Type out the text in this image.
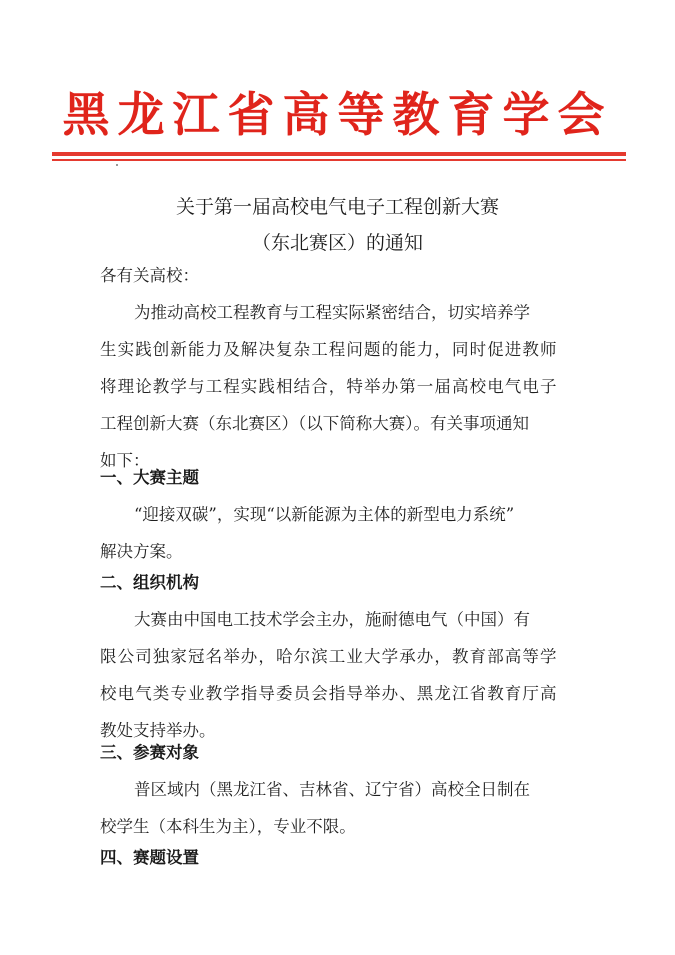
黑龙江省高等教育学会
关于第一届高校电气电子工程创新大赛
（东北赛区）的通知
各有关高校：
为推动高校工程教育与工程实际紧密结合，切实培养学
生实践创新能力及解决复杂工程问题的能力，同时促进教师
将理论教学与工程实践相结合，特举办第一届高校电气电子
工程创新大赛（东北赛区）（以下简称大赛）。有关事项通知
如下：
一、大赛主题
“迎接双碳”，实现“以新能源为主体的新型电力系统”
解决方案。
二、组织机构
大赛由中国电工技术学会主办，施耐德电气（中国）有
限公司独家冠名举办，哈尔滨工业大学承办，教育部高等学
校电气类专业教学指导委员会指导举办、黑龙江省教育厅高
教处支持举办。
三、参赛对象
普区域内（黑龙江省、吉林省、辽宁省）高校全日制在
校学生（本科生为主），专业不限。
四、赛题设置
